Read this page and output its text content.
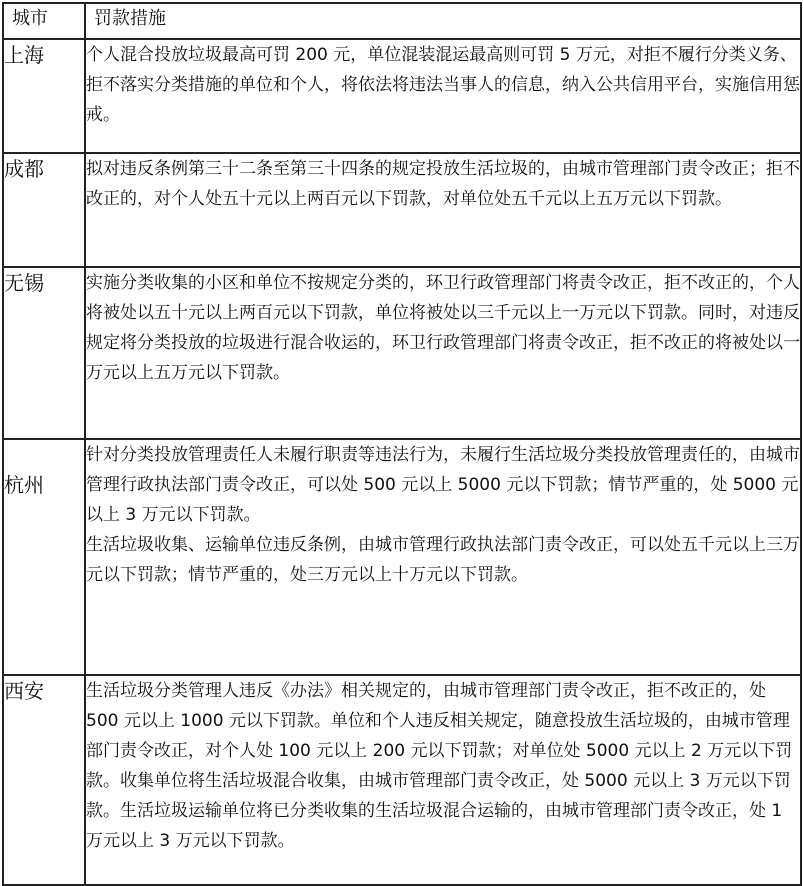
城市	罚款措施
上海	个人混合投放垃圾最高可罚 200 元，单位混装混运最高则可罚 5 万元，对拒不履行分类义务、拒不落实分类措施的单位和个人，将依法将违法当事人的信息，纳入公共信用平台，实施信用惩戒。

成都	拟对违反条例第三十二条至第三十四条的规定投放生活垃圾的，由城市管理部门责令改正；拒不改正的，对个人处五十元以上两百元以下罚款，对单位处五千元以上五万元以下罚款。

无锡	实施分类收集的小区和单位不按规定分类的，环卫行政管理部门将责令改正，拒不改正的，个人将被处以五十元以上两百元以下罚款，单位将被处以三千元以上一万元以下罚款。同时，对违反规定将分类投放的垃圾进行混合收运的，环卫行政管理部门将责令改正，拒不改正的将被处以一万元以上五万元以下罚款。

杭州	针对分类投放管理责任人未履行职责等违法行为，未履行生活垃圾分类投放管理责任的，由城市管理行政执法部门责令改正，可以处 500 元以上 5000 元以下罚款；情节严重的，处 5000 元以上 3 万元以下罚款。
生活垃圾收集、运输单位违反条例，由城市管理行政执法部门责令改正，可以处五千元以上三万元以下罚款；情节严重的，处三万元以上十万元以下罚款。

西安	生活垃圾分类管理人违反《办法》相关规定的，由城市管理部门责令改正，拒不改正的，处 500 元以上 1000 元以下罚款。单位和个人违反相关规定，随意投放生活垃圾的，由城市管理部门责令改正，对个人处 100 元以上 200 元以下罚款；对单位处 5000 元以上 2 万元以下罚款。收集单位将生活垃圾混合收集，由城市管理部门责令改正，处 5000 元以上 3 万元以下罚款。生活垃圾运输单位将已分类收集的生活垃圾混合运输的，由城市管理部门责令改正，处 1 万元以上 3 万元以下罚款。
